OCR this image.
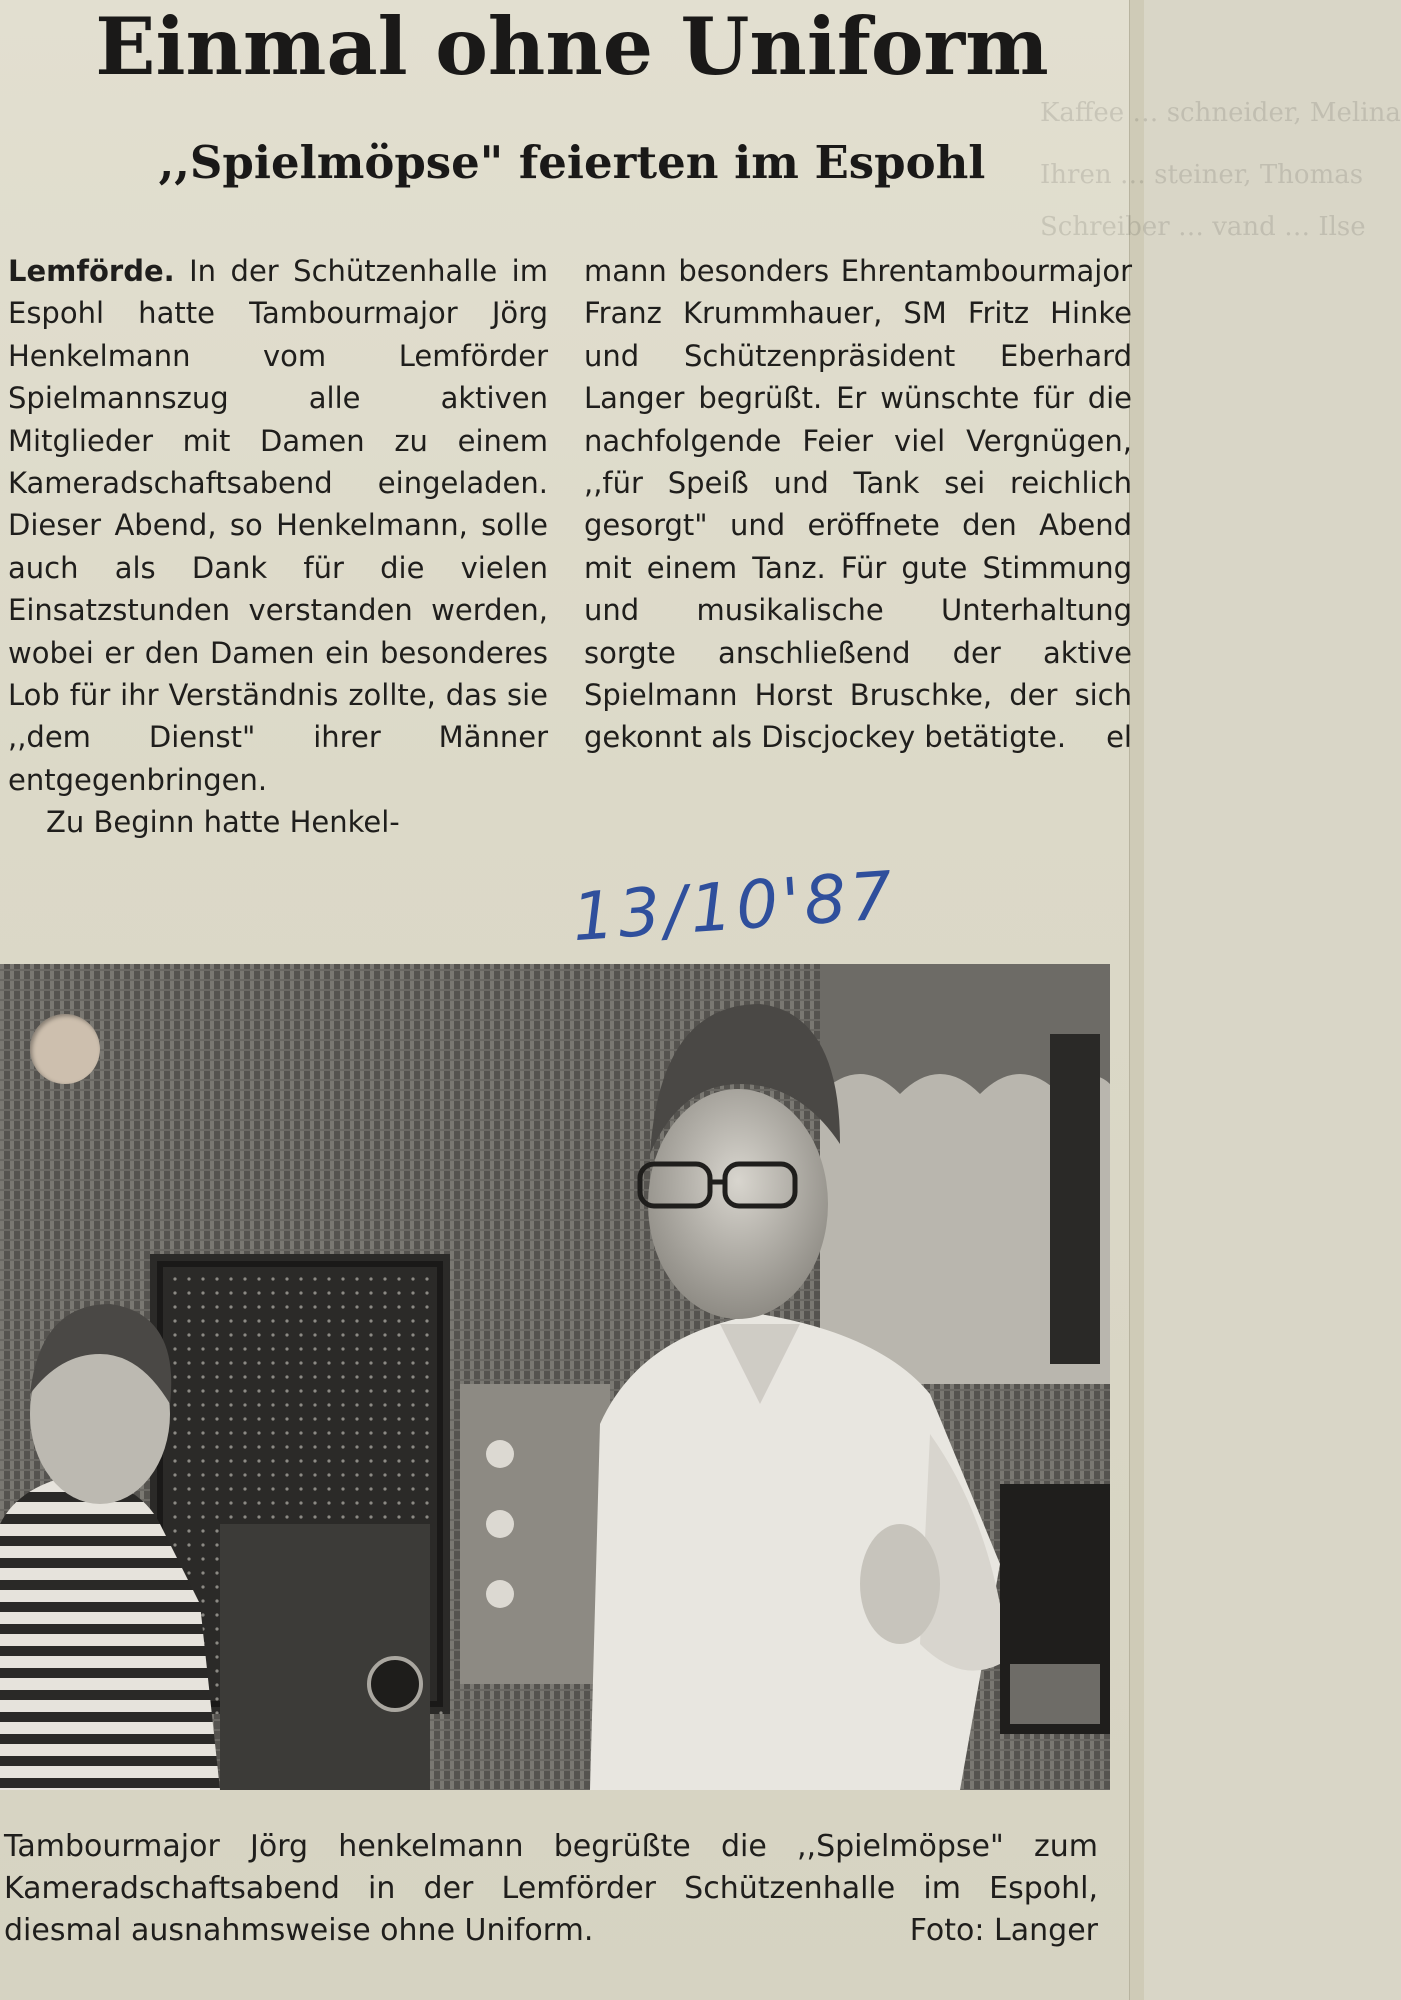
Kaffee … schneider, Melina
Ihren … steiner, Thomas
Schreiber … vand … Ilse
Einmal ohne Uniform
,,Spielmöpse" feierten im Espohl

Lemförde. In der Schützenhalle im Espohl hatte Tambourmajor Jörg Henkelmann vom Lemförder Spielmannszug alle aktiven Mitglieder mit Damen zu einem Kameradschaftsabend eingeladen. Dieser Abend, so Henkelmann, solle auch als Dank für die vielen Einsatzstunden verstanden werden, wobei er den Damen ein besonderes Lob für ihr Verständnis zollte, das sie ,,dem Dienst" ihrer Männer entgegenbringen.

Zu Beginn hatte Henkel-

mann besonders Ehrentambourmajor Franz Krummhauer, SM Fritz Hinke und Schützenpräsident Eberhard Langer begrüßt. Er wünschte für die nachfolgende Feier viel Vergnügen, ,,für Speiß und Tank sei reichlich gesorgt" und eröffnete den Abend mit einem Tanz. Für gute Stimmung und musikalische Unterhaltung sorgte anschließend der aktive Spielmann Horst Bruschke, der sich gekonnt als Discjockey betätigte. el

13/10'87

Tambourmajor Jörg henkelmann begrüßte die ,,Spielmöpse" zum Kameradschaftsabend in der Lemförder Schützenhalle im Espohl, diesmal ausnahmsweise ohne Uniform.	Foto: Langer
